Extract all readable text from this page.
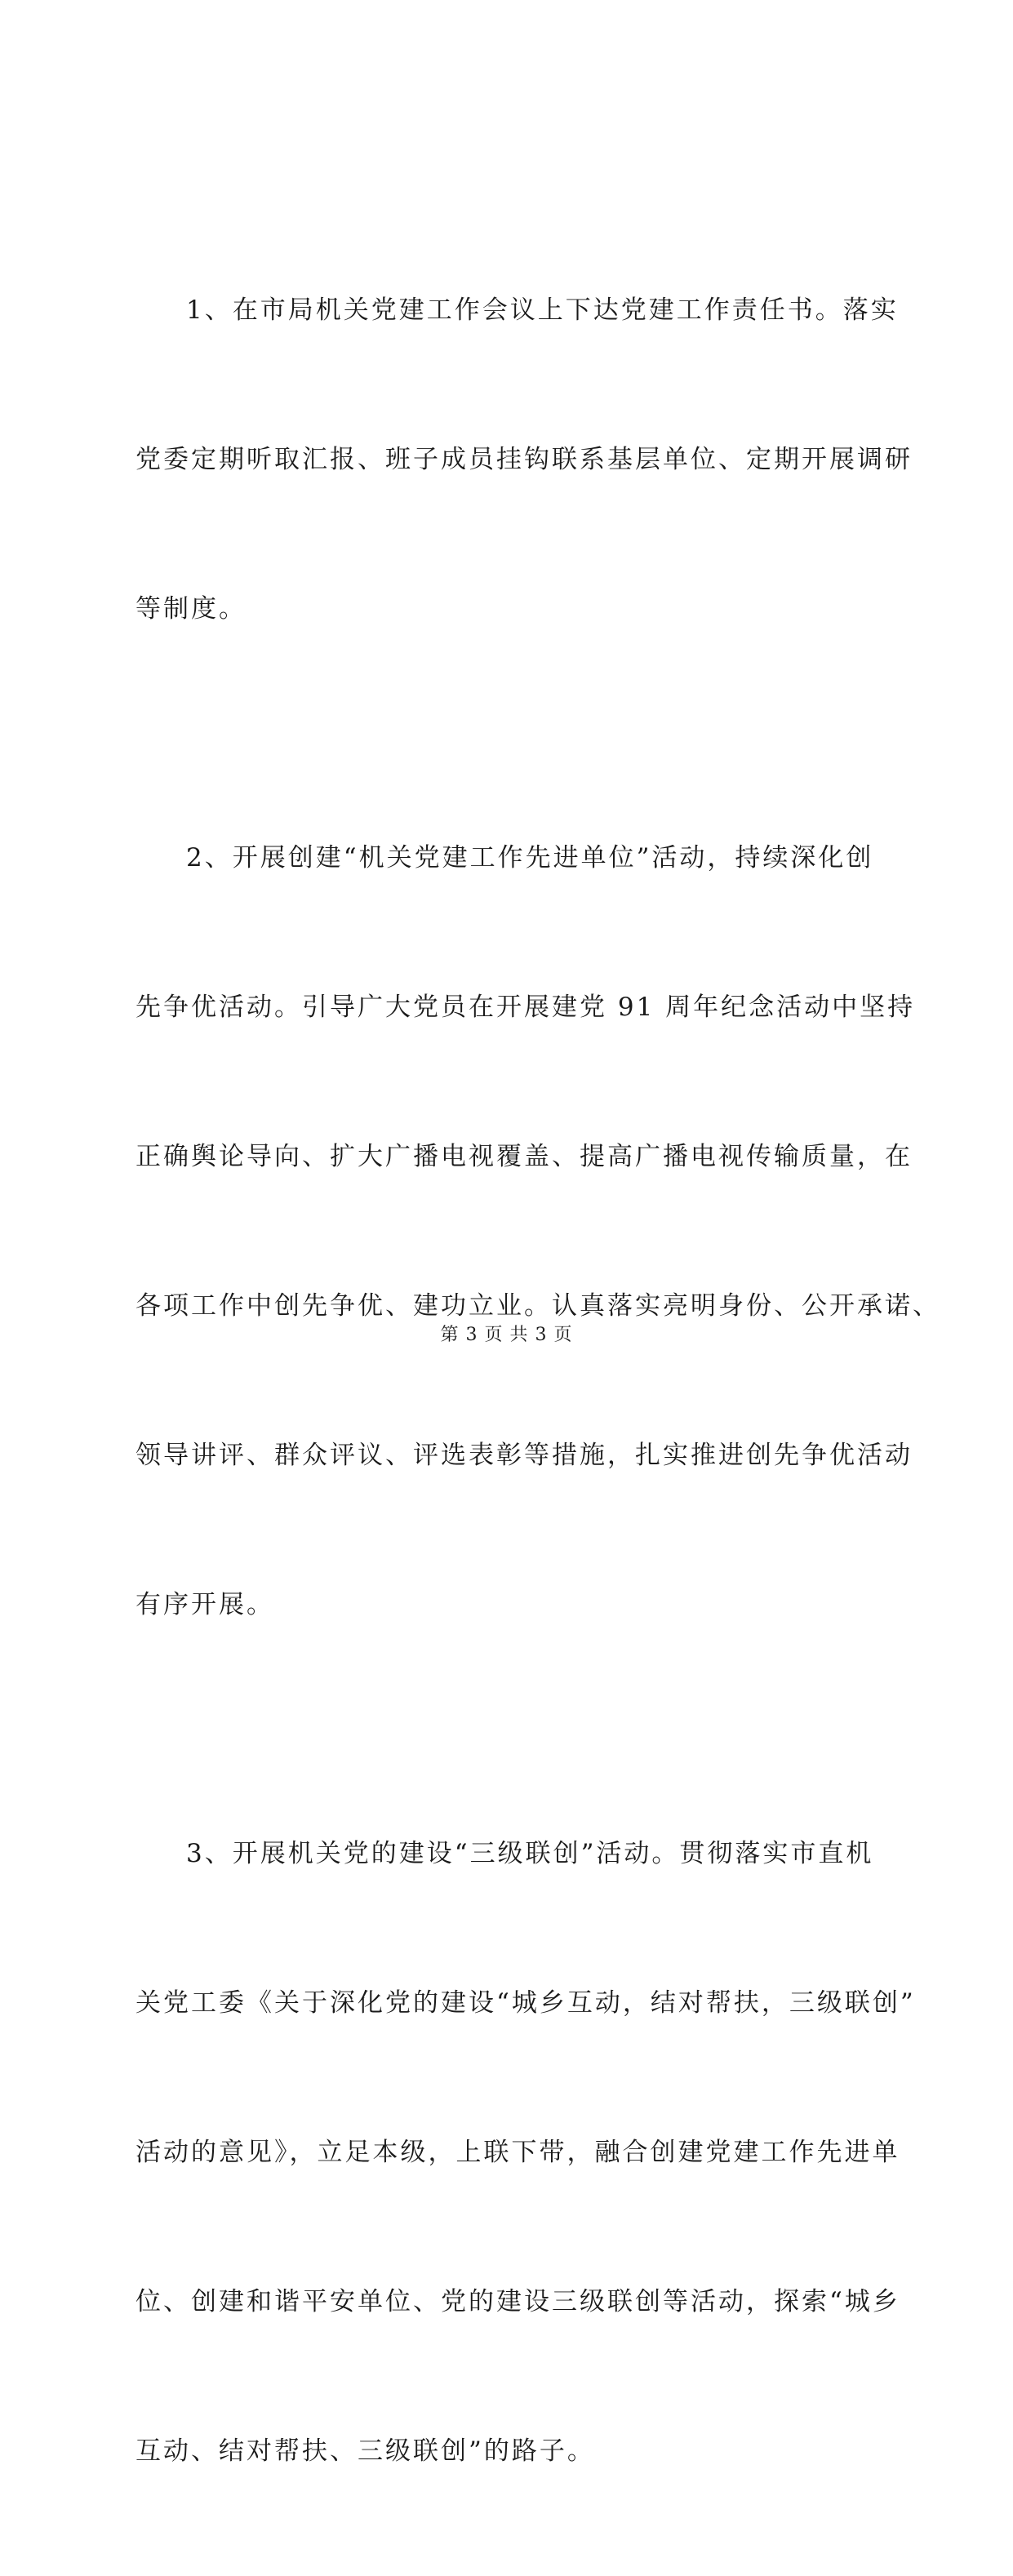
1、在市局机关党建工作会议上下达党建工作责任书。落实

党委定期听取汇报、班子成员挂钩联系基层单位、定期开展调研

等制度。

2、开展创建“机关党建工作先进单位”活动，持续深化创

先争优活动。引导广大党员在开展建党 91 周年纪念活动中坚持

正确舆论导向、扩大广播电视覆盖、提高广播电视传输质量，在

各项工作中创先争优、建功立业。认真落实亮明身份、公开承诺、

领导讲评、群众评议、评选表彰等措施，扎实推进创先争优活动

有序开展。

3、开展机关党的建设“三级联创”活动。贯彻落实市直机

关党工委《关于深化党的建设“城乡互动，结对帮扶，三级联创”

活动的意见》，立足本级，上联下带，融合创建党建工作先进单

位、创建和谐平安单位、党的建设三级联创等活动，探索“城乡

互动、结对帮扶、三级联创”的路子。

第 3 页 共 3 页
